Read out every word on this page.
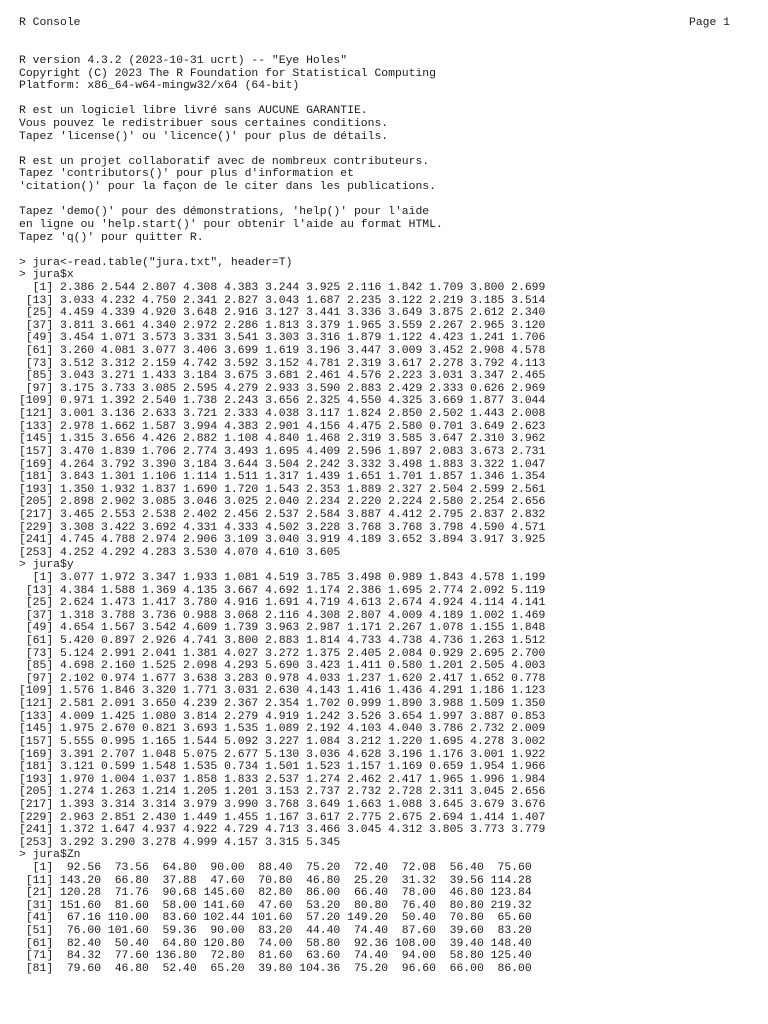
R Console	Page 1
R version 4.3.2 (2023-10-31 ucrt) -- "Eye Holes"
Copyright (C) 2023 The R Foundation for Statistical Computing
Platform: x86_64-w64-mingw32/x64 (64-bit)
R est un logiciel libre livré sans AUCUNE GARANTIE.
Vous pouvez le redistribuer sous certaines conditions.
Tapez 'license()' ou 'licence()' pour plus de détails.
R est un projet collaboratif avec de nombreux contributeurs.
Tapez 'contributors()' pour plus d'information et
'citation()' pour la façon de le citer dans les publications.
Tapez 'demo()' pour des démonstrations, 'help()' pour l'aide
en ligne ou 'help.start()' pour obtenir l'aide au format HTML.
Tapez 'q()' pour quitter R.
> jura<-read.table("jura.txt", header=T)
> jura$x
[1] 2.386 2.544 2.807 4.308 4.383 3.244 3.925 2.116 1.842 1.709 3.800 2.699
[13] 3.033 4.232 4.750 2.341 2.827 3.043 1.687 2.235 3.122 2.219 3.185 3.514
[25] 4.459 4.339 4.920 3.648 2.916 3.127 3.441 3.336 3.649 3.875 2.612 2.340
[37] 3.811 3.661 4.340 2.972 2.286 1.813 3.379 1.965 3.559 2.267 2.965 3.120
[49] 3.454 1.071 3.573 3.331 3.541 3.303 3.316 1.879 1.122 4.423 1.241 1.706
[61] 3.260 4.081 3.077 3.406 3.699 1.619 3.196 3.447 3.009 3.452 2.908 4.578
[73] 3.512 3.312 2.159 4.742 3.592 3.152 4.781 2.319 3.617 2.278 3.792 4.113
[85] 3.043 3.271 1.433 3.184 3.675 3.681 2.461 4.576 2.223 3.031 3.347 2.465
[97] 3.175 3.733 3.085 2.595 4.279 2.933 3.590 2.883 2.429 2.333 0.626 2.969
[109] 0.971 1.392 2.540 1.738 2.243 3.656 2.325 4.550 4.325 3.669 1.877 3.044
[121] 3.001 3.136 2.633 3.721 2.333 4.038 3.117 1.824 2.850 2.502 1.443 2.008
[133] 2.978 1.662 1.587 3.994 4.383 2.901 4.156 4.475 2.580 0.701 3.649 2.623
[145] 1.315 3.656 4.426 2.882 1.108 4.840 1.468 2.319 3.585 3.647 2.310 3.962
[157] 3.470 1.839 1.706 2.774 3.493 1.695 4.409 2.596 1.897 2.083 3.673 2.731
[169] 4.264 3.792 3.390 3.184 3.644 3.504 2.242 3.332 3.498 1.883 3.322 1.047
[181] 3.843 1.301 1.106 1.114 1.511 1.317 1.439 1.651 1.701 1.857 1.346 1.354
[193] 1.350 1.932 1.837 1.690 1.720 1.543 2.353 1.889 2.327 2.504 2.599 2.561
[205] 2.898 2.902 3.085 3.046 3.025 2.040 2.234 2.220 2.224 2.580 2.254 2.656
[217] 3.465 2.553 2.538 2.402 2.456 2.537 2.584 3.887 4.412 2.795 2.837 2.832
[229] 3.308 3.422 3.692 4.331 4.333 4.502 3.228 3.768 3.768 3.798 4.590 4.571
[241] 4.745 4.788 2.974 2.906 3.109 3.040 3.919 4.189 3.652 3.894 3.917 3.925
[253] 4.252 4.292 4.283 3.530 4.070 4.610 3.605
> jura$y
[1] 3.077 1.972 3.347 1.933 1.081 4.519 3.785 3.498 0.989 1.843 4.578 1.199
[13] 4.384 1.588 1.369 4.135 3.667 4.692 1.174 2.386 1.695 2.774 2.092 5.119
[25] 2.624 1.473 1.417 3.780 4.916 1.691 4.719 4.613 2.674 4.924 4.114 4.141
[37] 1.318 3.788 3.736 0.988 3.068 2.116 4.308 2.807 4.009 4.189 1.002 1.469
[49] 4.654 1.567 3.542 4.609 1.739 3.963 2.987 1.171 2.267 1.078 1.155 1.848
[61] 5.420 0.897 2.926 4.741 3.800 2.883 1.814 4.733 4.738 4.736 1.263 1.512
[73] 5.124 2.991 2.041 1.381 4.027 3.272 1.375 2.405 2.084 0.929 2.695 2.700
[85] 4.698 2.160 1.525 2.098 4.293 5.690 3.423 1.411 0.580 1.201 2.505 4.003
[97] 2.102 0.974 1.677 3.638 3.283 0.978 4.033 1.237 1.620 2.417 1.652 0.778
[109] 1.576 1.846 3.320 1.771 3.031 2.630 4.143 1.416 1.436 4.291 1.186 1.123
[121] 2.581 2.091 3.650 4.239 2.367 2.354 1.702 0.999 1.890 3.988 1.509 1.350
[133] 4.009 1.425 1.080 3.814 2.279 4.919 1.242 3.526 3.654 1.997 3.887 0.853
[145] 1.975 2.670 0.821 3.693 1.535 1.089 2.192 4.103 4.040 3.786 2.732 2.009
[157] 5.555 0.995 1.165 1.544 5.092 3.227 1.084 3.212 1.220 1.695 4.278 3.002
[169] 3.391 2.707 1.048 5.075 2.677 5.130 3.036 4.628 3.196 1.176 3.001 1.922
[181] 3.121 0.599 1.548 1.535 0.734 1.501 1.523 1.157 1.169 0.659 1.954 1.966
[193] 1.970 1.004 1.037 1.858 1.833 2.537 1.274 2.462 2.417 1.965 1.996 1.984
[205] 1.274 1.263 1.214 1.205 1.201 3.153 2.737 2.732 2.728 2.311 3.045 2.656
[217] 1.393 3.314 3.314 3.979 3.990 3.768 3.649 1.663 1.088 3.645 3.679 3.676
[229] 2.963 2.851 2.430 1.449 1.455 1.167 3.617 2.775 2.675 2.694 1.414 1.407
[241] 1.372 1.647 4.937 4.922 4.729 4.713 3.466 3.045 4.312 3.805 3.773 3.779
[253] 3.292 3.290 3.278 4.999 4.157 3.315 5.345
> jura$Zn
[1]  92.56  73.56  64.80  90.00  88.40  75.20  72.40  72.08  56.40  75.60
[11] 143.20  66.80  37.88  47.60  70.80  46.80  25.20  31.32  39.56 114.28
[21] 120.28  71.76  90.68 145.60  82.80  86.00  66.40  78.00  46.80 123.84
[31] 151.60  81.60  58.00 141.60  47.60  53.20  80.80  76.40  80.80 219.32
[41]  67.16 110.00  83.60 102.44 101.60  57.20 149.20  50.40  70.80  65.60
[51]  76.00 101.60  59.36  90.00  83.20  44.40  74.40  87.60  39.60  83.20
[61]  82.40  50.40  64.80 120.80  74.00  58.80  92.36 108.00  39.40 148.40
[71]  84.32  77.60 136.80  72.80  81.60  63.60  74.40  94.00  58.80 125.40
[81]  79.60  46.80  52.40  65.20  39.80 104.36  75.20  96.60  66.00  86.00
